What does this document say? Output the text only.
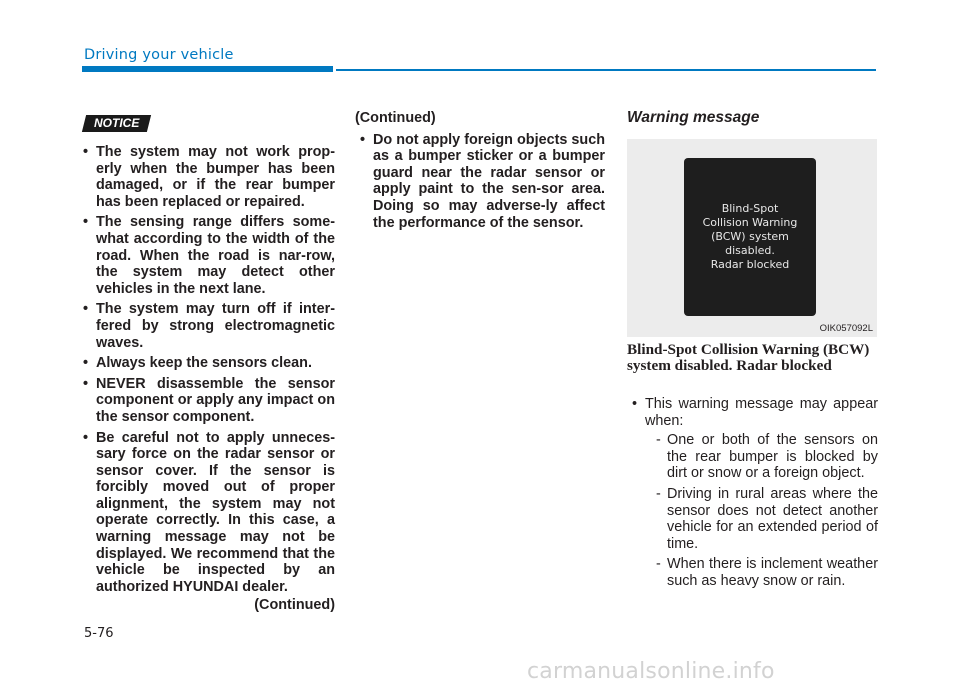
Driving your vehicle
NOTICE
• The system may not work prop-erly when the bumper has been damaged, or if the rear bumper has been replaced or repaired.
• The sensing range differs some-what according to the width of the road. When the road is nar-row, the system may detect other vehicles in the next lane.
• The system may turn off if inter-fered by strong electromagnetic waves.
• Always keep the sensors clean.
• NEVER disassemble the sensor component or apply any impact on the sensor component.
• Be careful not to apply unneces-sary force on the radar sensor or sensor cover. If the sensor is forcibly moved out of proper alignment, the system may not operate correctly. In this case, a warning message may not be displayed. We recommend that the vehicle be inspected by an authorized HYUNDAI dealer.
(Continued)
(Continued)
• Do not apply foreign objects such as a bumper sticker or a bumper guard near the radar sensor or apply paint to the sen-sor area. Doing so may adverse-ly affect the performance of the sensor.
Warning message
Blind-Spot
Collision Warning
(BCW) system
disabled.
Radar blocked
OIK057092L
Blind-Spot Collision Warning (BCW) system disabled. Radar blocked
• This warning message may appear when:
- One or both of the sensors on the rear bumper is blocked by dirt or snow or a foreign object.
- Driving in rural areas where the sensor does not detect another vehicle for an extended period of time.
- When there is inclement weather such as heavy snow or rain.
5-76
carmanualsonline.info
